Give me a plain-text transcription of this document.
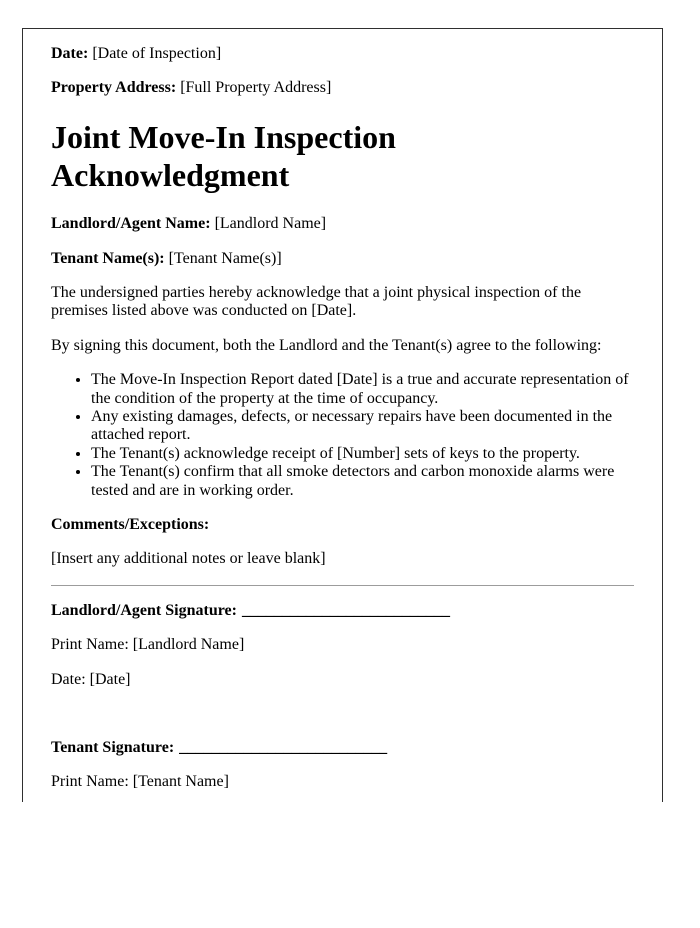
Date: [Date of Inspection]

Property Address: [Full Property Address]

Joint Move-In Inspection Acknowledgment

Landlord/Agent Name: [Landlord Name]

Tenant Name(s): [Tenant Name(s)]

The undersigned parties hereby acknowledge that a joint physical inspection of the premises listed above was conducted on [Date].

By signing this document, both the Landlord and the Tenant(s) agree to the following:

• The Move-In Inspection Report dated [Date] is a true and accurate representation of the condition of the property at the time of occupancy.
• Any existing damages, defects, or necessary repairs have been documented in the attached report.
• The Tenant(s) acknowledge receipt of [Number] sets of keys to the property.
• The Tenant(s) confirm that all smoke detectors and carbon monoxide alarms were tested and are in working order.

Comments/Exceptions:

[Insert any additional notes or leave blank]

Landlord/Agent Signature: __________________________

Print Name: [Landlord Name]

Date: [Date]

Tenant Signature: __________________________

Print Name: [Tenant Name]
